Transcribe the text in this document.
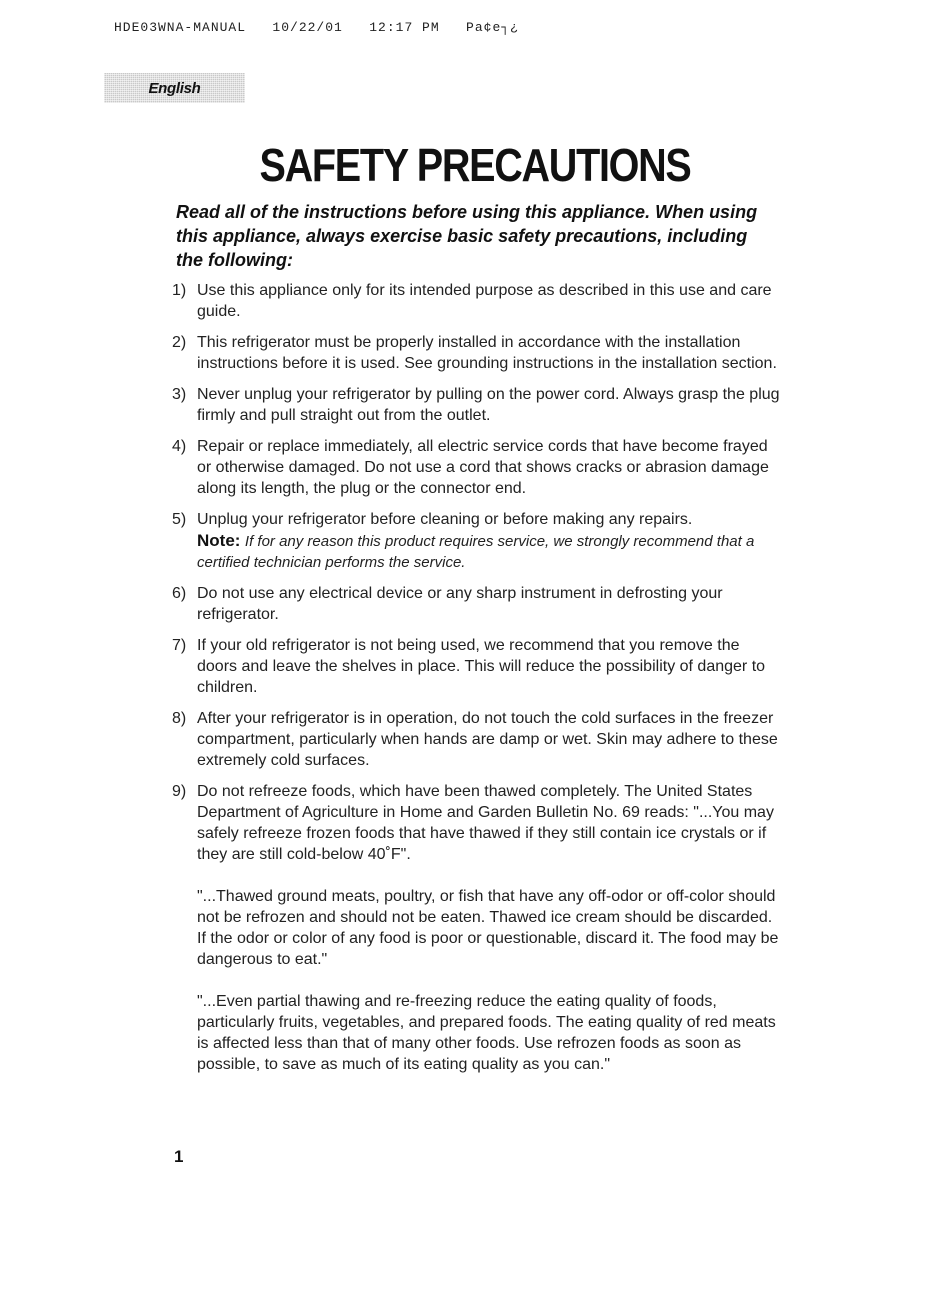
HDE03WNA-MANUAL   10/22/01   12:17 PM   Pa¢e┐¿
English
SAFETY PRECAUTIONS

Read all of the instructions before using this appliance. When using this appliance, always exercise basic safety precautions, including the following:

1) Use this appliance only for its intended purpose as described in this use and care guide.
2) This refrigerator must be properly installed in accordance with the installation instructions before it is used. See grounding instructions in the installation section.
3) Never unplug your refrigerator by pulling on the power cord. Always grasp the plug firmly and pull straight out from the outlet.
4) Repair or replace immediately, all electric service cords that have become frayed or otherwise damaged. Do not use a cord that shows cracks or abrasion damage along its length, the plug or the connector end.
5) Unplug your refrigerator before cleaning or before making any repairs.
Note: If for any reason this product requires service, we strongly recommend that a certified technician performs the service.
6) Do not use any electrical device or any sharp instrument in defrosting your refrigerator.
7) If your old refrigerator is not being used, we recommend that you remove the doors and leave the shelves in place. This will reduce the possibility of danger to children.
8) After your refrigerator is in operation, do not touch the cold surfaces in the freezer compartment, particularly when hands are damp or wet. Skin may adhere to these extremely cold surfaces.
9) Do not refreeze foods, which have been thawed completely. The United States Department of Agriculture in Home and Garden Bulletin No. 69 reads: "...You may safely refreeze frozen foods that have thawed if they still contain ice crystals or if they are still cold-below 40˚F".
"...Thawed ground meats, poultry, or fish that have any off-odor or off-color should not be refrozen and should not be eaten. Thawed ice cream should be discarded. If the odor or color of any food is poor or questionable, discard it. The food may be dangerous to eat."
"...Even partial thawing and re-freezing reduce the eating quality of foods, particularly fruits, vegetables, and prepared foods. The eating quality of red meats is affected less than that of many other foods. Use refrozen foods as soon as possible, to save as much of its eating quality as you can."
1
